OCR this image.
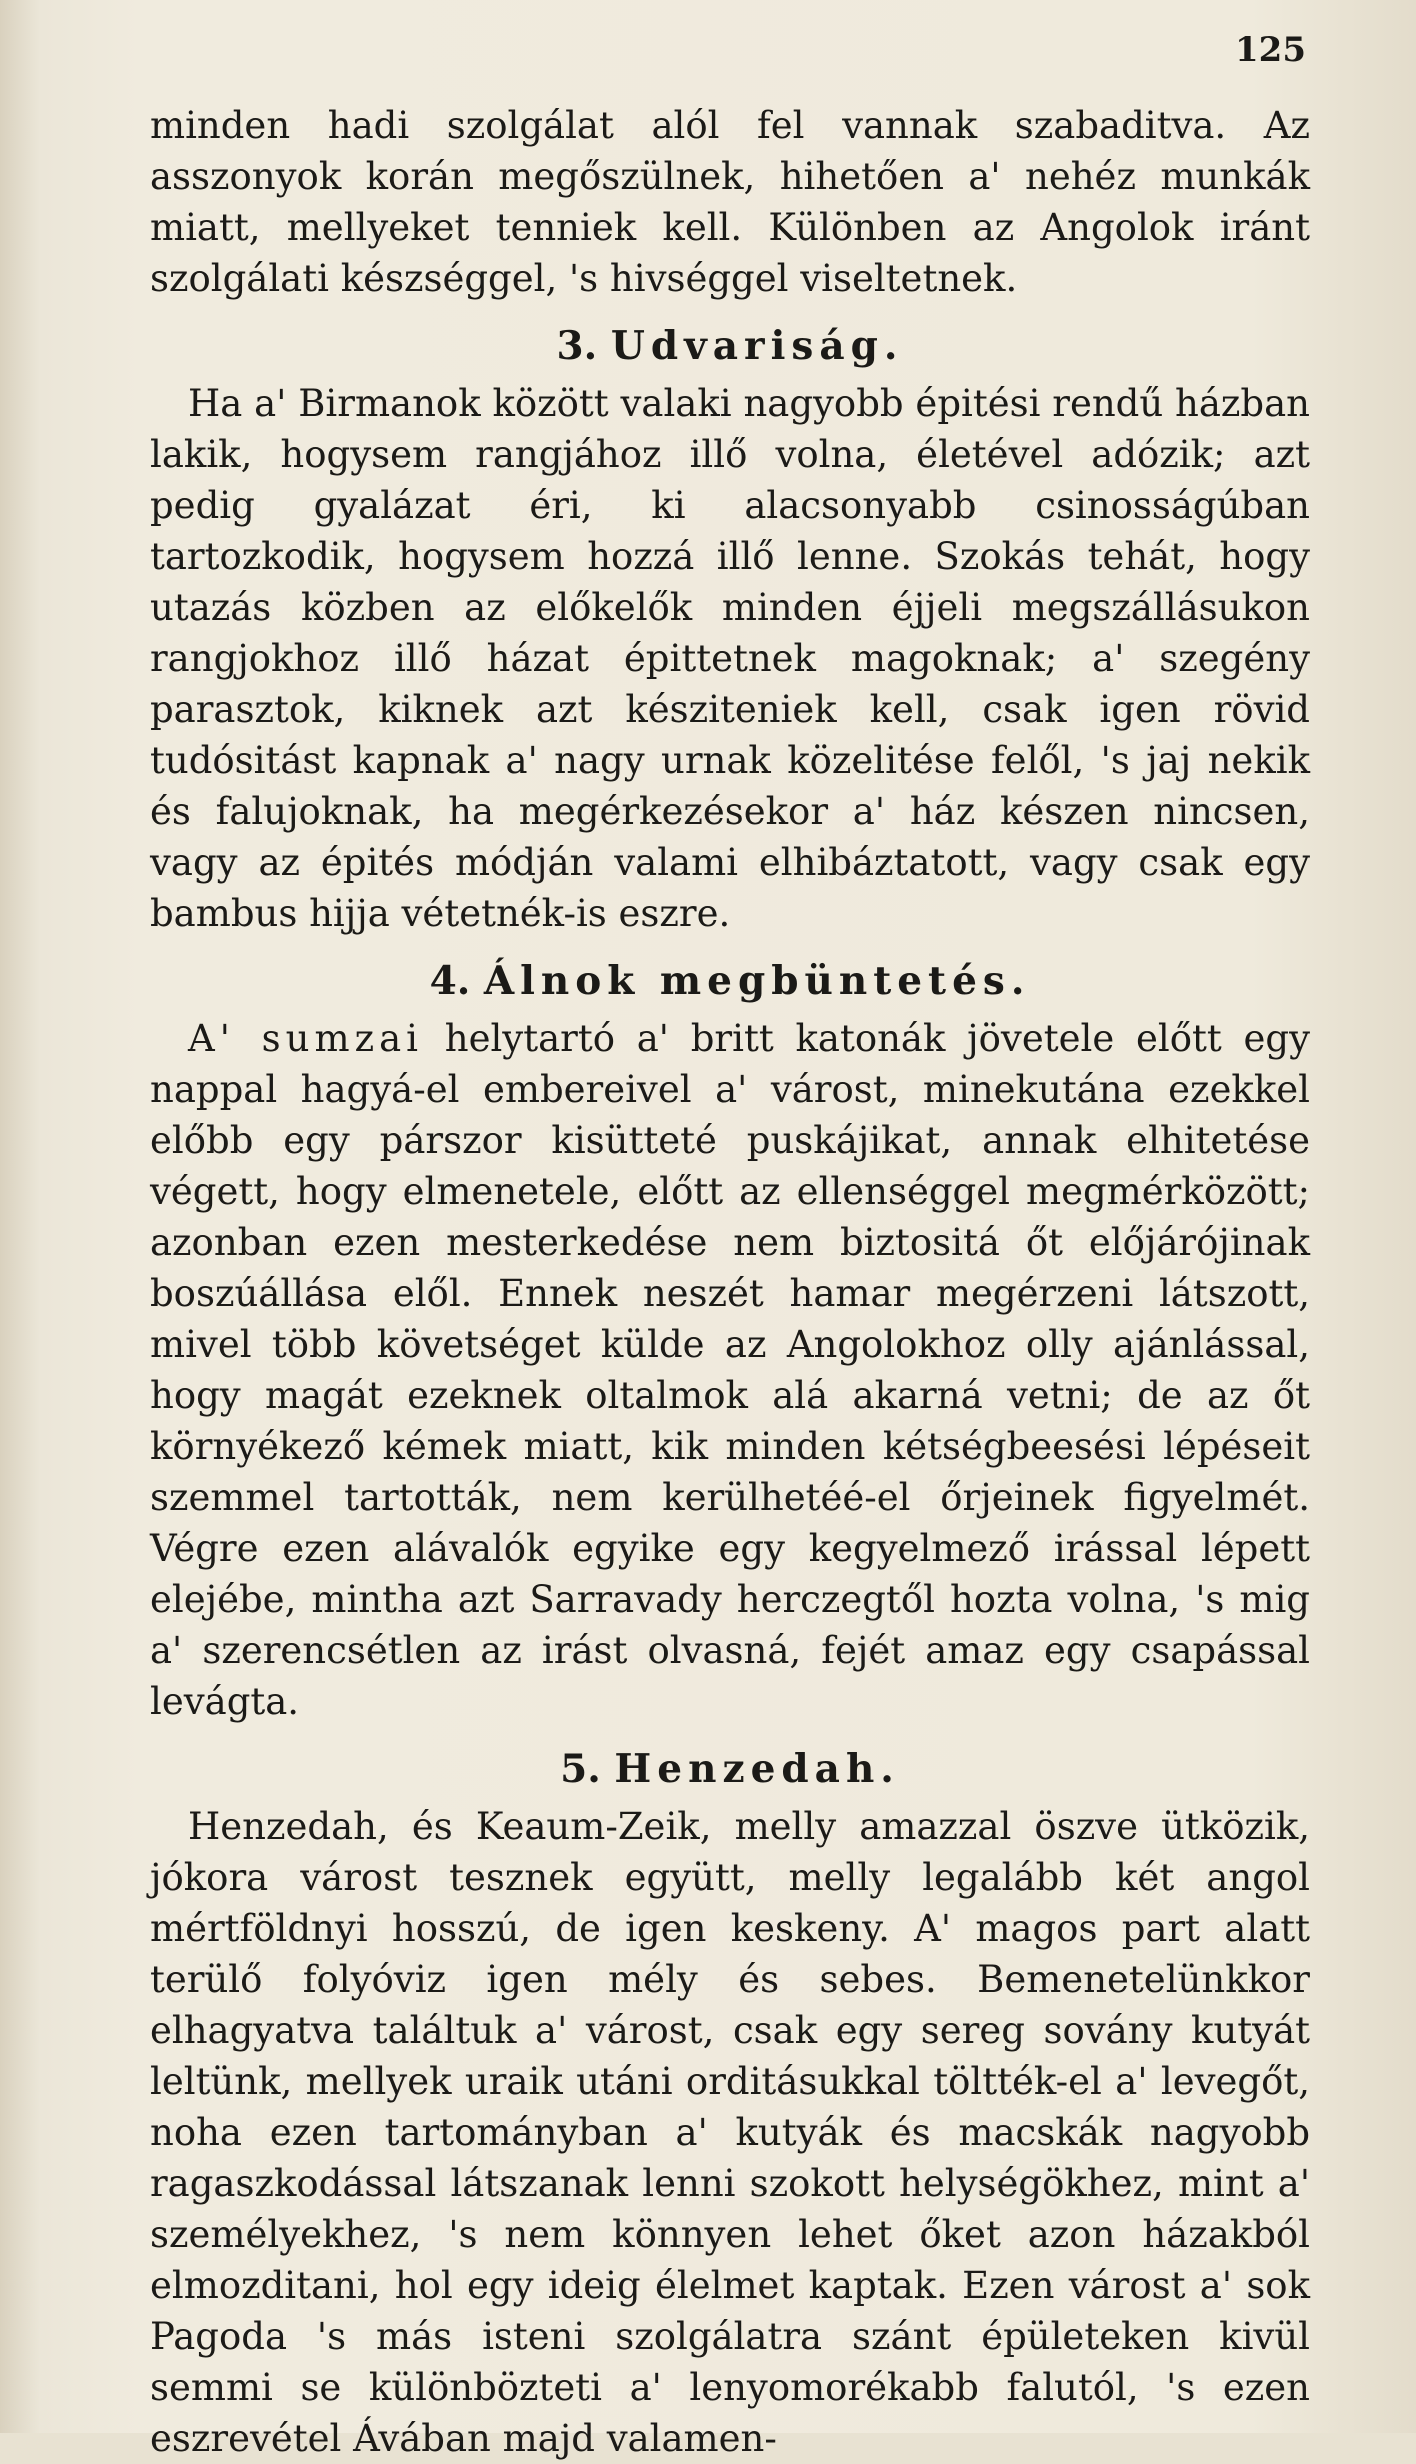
125

minden hadi szolgálat alól fel vannak szabaditva. Az asszonyok korán megőszülnek, hihetően a' nehéz munkák miatt, mellyeket tenniek kell. Különben az Angolok iránt szolgálati készséggel, 's hivséggel viseltetnek.

3. Udvariság.

Ha a' Birmanok között valaki nagyobb épitési rendű házban lakik, hogysem rangjához illő volna, életével adózik; azt pedig gyalázat éri, ki alacsonyabb csinosságúban tartozkodik, hogysem hozzá illő lenne. Szokás tehát, hogy utazás közben az előkelők minden éjjeli megszállásukon rangjokhoz illő házat épittetnek magoknak; a' szegény parasztok, kiknek azt késziteniek kell, csak igen rövid tudósitást kapnak a' nagy urnak közelitése felől, 's jaj nekik és falujoknak, ha megérkezésekor a' ház készen nincsen, vagy az épités módján valami elhibáztatott, vagy csak egy bambus hijja vétetnék-is eszre.

4. Álnok megbüntetés.

A' sumzai helytartó a' britt katonák jövetele előtt egy nappal hagyá-el embereivel a' várost, minekutána ezekkel előbb egy párszor kisütteté puskájikat, annak elhitetése végett, hogy elmenetele, előtt az ellenséggel megmérközött; azonban ezen mesterkedése nem biztositá őt előjárójinak boszúállása elől. Ennek neszét hamar megérzeni látszott, mivel több követséget külde az Angolokhoz olly ajánlással, hogy magát ezeknek oltalmok alá akarná vetni; de az őt környékező kémek miatt, kik minden kétségbeesési lépéseit szemmel tartották, nem kerülhetéé-el őrjeinek figyelmét. Végre ezen alávalók egyike egy kegyelmező irással lépett elejébe, mintha azt Sarravady herczegtől hozta volna, 's mig a' szerencsétlen az irást olvasná, fejét amaz egy csapással levágta.

5. Henzedah.

Henzedah, és Keaum-Zeik, melly amazzal öszve ütközik, jókora várost tesznek együtt, melly legalább két angol mértföldnyi hosszú, de igen keskeny. A' magos part alatt terülő folyóviz igen mély és sebes. Bemenetelünkkor elhagyatva találtuk a' várost, csak egy sereg sovány kutyát leltünk, mellyek uraik utáni orditásukkal töltték-el a' levegőt, noha ezen tartományban a' kutyák és macskák nagyobb ragaszkodással látszanak lenni szokott helységökhez, mint a' személyekhez, 's nem könnyen lehet őket azon házakból elmozditani, hol egy ideig élelmet kaptak. Ezen várost a' sok Pagoda 's más isteni szolgálatra szánt épületeken kivül semmi se különbözteti a' lenyomorékabb falutól, 's ezen eszrevétel Ávában majd valamen-
